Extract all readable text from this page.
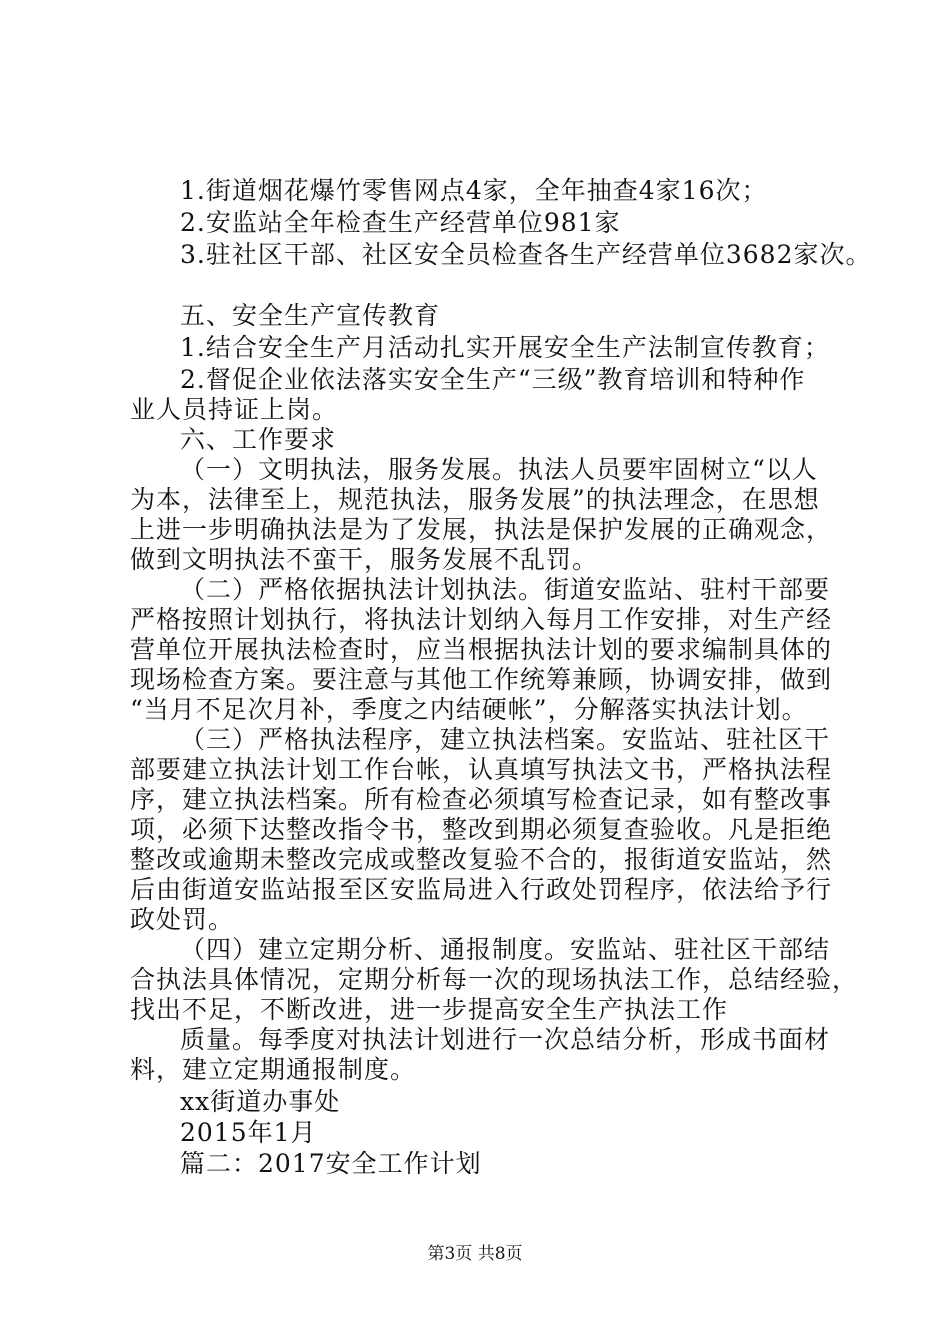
1.街道烟花爆竹零售网点4家，全年抽查4家16次；
2.安监站全年检查生产经营单位981家
3.驻社区干部、社区安全员检查各生产经营单位3682家次。
五、安全生产宣传教育
1.结合安全生产月活动扎实开展安全生产法制宣传教育；
2.督促企业依法落实安全生产“三级”教育培训和特种作
业人员持证上岗。
六、工作要求
（一）文明执法，服务发展。执法人员要牢固树立“以人
为本，法律至上，规范执法，服务发展”的执法理念，在思想
上进一步明确执法是为了发展，执法是保护发展的正确观念，
做到文明执法不蛮干，服务发展不乱罚。
（二）严格依据执法计划执法。街道安监站、驻村干部要
严格按照计划执行，将执法计划纳入每月工作安排，对生产经
营单位开展执法检查时，应当根据执法计划的要求编制具体的
现场检查方案。要注意与其他工作统筹兼顾，协调安排，做到
“当月不足次月补，季度之内结硬帐”，分解落实执法计划。
（三）严格执法程序，建立执法档案。安监站、驻社区干
部要建立执法计划工作台帐，认真填写执法文书，严格执法程
序，建立执法档案。所有检查必须填写检查记录，如有整改事
项，必须下达整改指令书，整改到期必须复查验收。凡是拒绝
整改或逾期未整改完成或整改复验不合的，报街道安监站，然
后由街道安监站报至区安监局进入行政处罚程序，依法给予行
政处罚。
（四）建立定期分析、通报制度。安监站、驻社区干部结
合执法具体情况，定期分析每一次的现场执法工作，总结经验，
找出不足，不断改进，进一步提高安全生产执法工作
质量。每季度对执法计划进行一次总结分析，形成书面材
料，建立定期通报制度。
xx街道办事处
2015年1月
篇二：2017安全工作计划
第3页 共8页
